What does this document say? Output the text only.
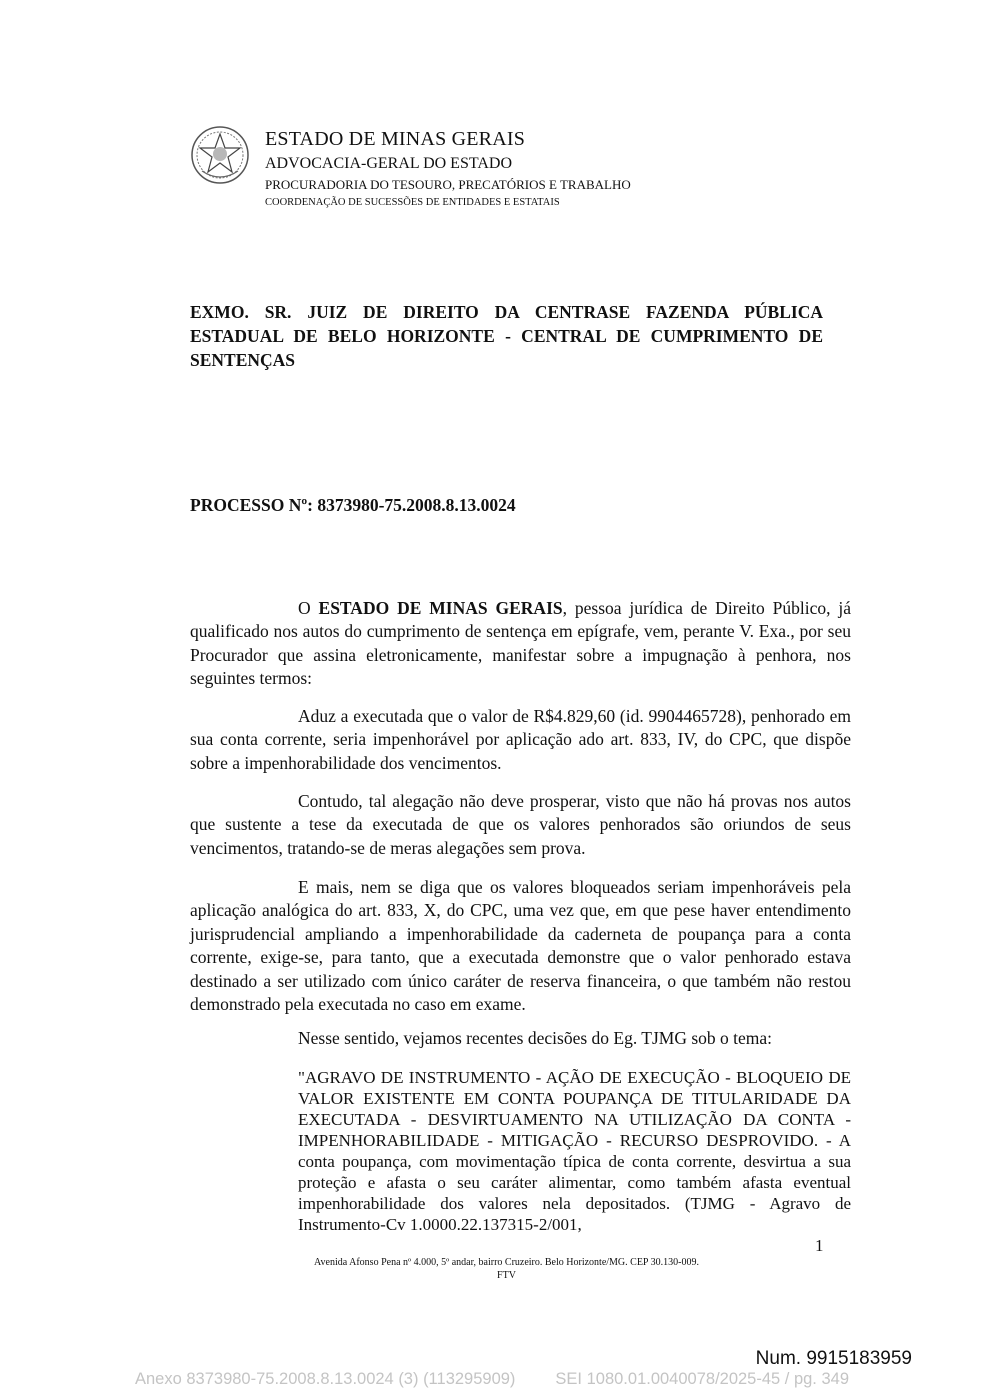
ESTADO DE MINAS GERAIS
ADVOCACIA-GERAL DO ESTADO
PROCURADORIA DO TESOURO, PRECATÓRIOS E TRABALHO
COORDENAÇÃO DE SUCESSÕES DE ENTIDADES E ESTATAIS
EXMO. SR. JUIZ DE DIREITO DA CENTRASE FAZENDA PÚBLICA ESTADUAL DE BELO HORIZONTE - CENTRAL DE CUMPRIMENTO DE SENTENÇAS
PROCESSO Nº: 8373980-75.2008.8.13.0024

O ESTADO DE MINAS GERAIS, pessoa jurídica de Direito Público, já qualificado nos autos do cumprimento de sentença em epígrafe, vem, perante V. Exa., por seu Procurador que assina eletronicamente, manifestar sobre a impugnação à penhora, nos seguintes termos:

Aduz a executada que o valor de R$4.829,60 (id. 9904465728), penhorado em sua conta corrente, seria impenhorável por aplicação ado art. 833, IV, do CPC, que dispõe sobre a impenhorabilidade dos vencimentos.

Contudo, tal alegação não deve prosperar, visto que não há provas nos autos que sustente a tese da executada de que os valores penhorados são oriundos de seus vencimentos, tratando-se de meras alegações sem prova.

E mais, nem se diga que os valores bloqueados seriam impenhoráveis pela aplicação analógica do art. 833, X, do CPC, uma vez que, em que pese haver entendimento jurisprudencial ampliando a impenhorabilidade da caderneta de poupança para a conta corrente, exige-se, para tanto, que a executada demonstre que o valor penhorado estava destinado a ser utilizado com único caráter de reserva financeira, o que também não restou demonstrado pela executada no caso em exame.

Nesse sentido, vejamos recentes decisões do Eg. TJMG sob o tema:

"AGRAVO DE INSTRUMENTO - AÇÃO DE EXECUÇÃO - BLOQUEIO DE VALOR EXISTENTE EM CONTA POUPANÇA DE TITULARIDADE DA EXECUTADA - DESVIRTUAMENTO NA UTILIZAÇÃO DA CONTA - IMPENHORABILIDADE - MITIGAÇÃO - RECURSO DESPROVIDO. - A conta poupança, com movimentação típica de conta corrente, desvirtua a sua proteção e afasta o seu caráter alimentar, como também afasta eventual impenhorabilidade dos valores nela depositados. (TJMG - Agravo de Instrumento-Cv 1.0000.22.137315-2/001,

1
Avenida Afonso Pena nº 4.000, 5º andar, bairro Cruzeiro. Belo Horizonte/MG. CEP 30.130-009.
FTV
Num. 9915183959
Anexo 8373980-75.2008.8.13.0024 (3) (113295909) SEI 1080.01.0040078/2025-45 / pg. 349
